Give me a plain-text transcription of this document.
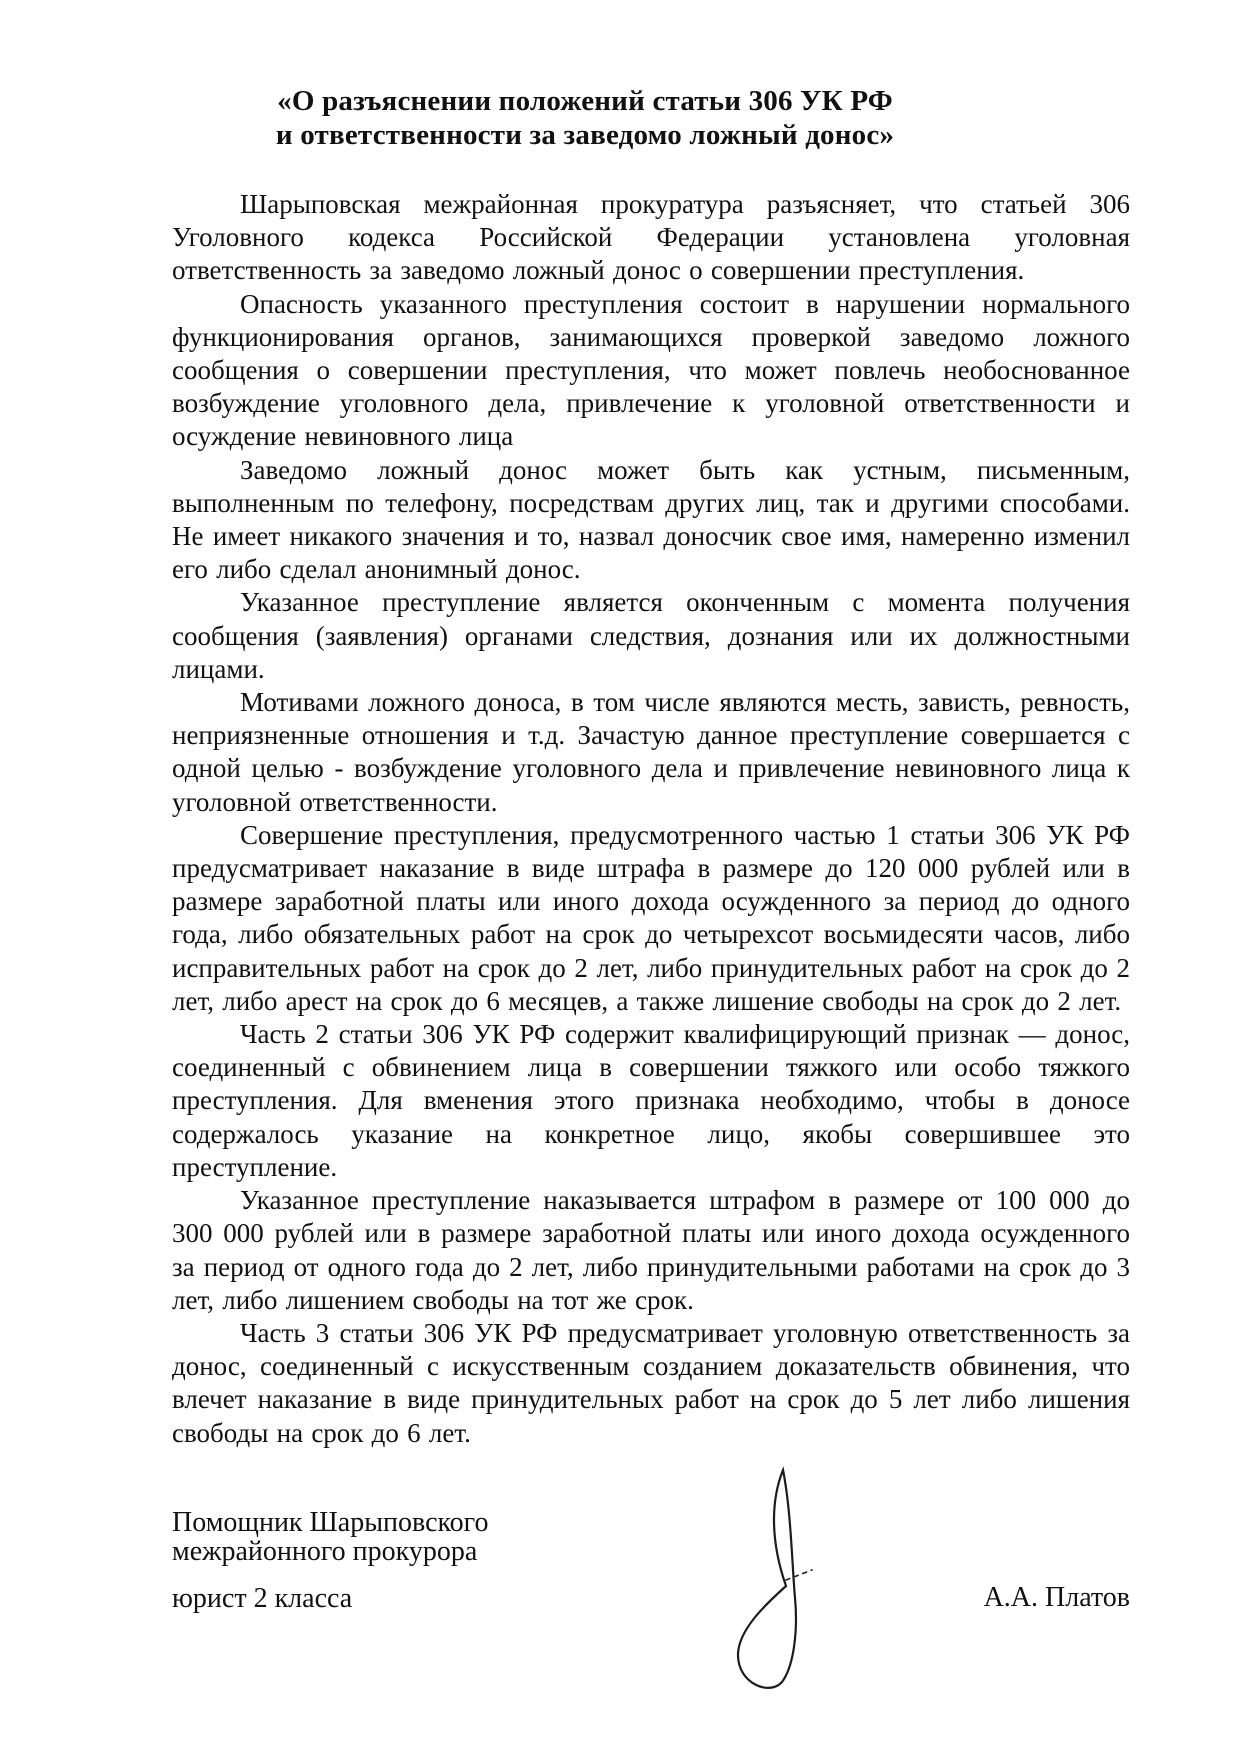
«О разъяснении положений статьи 306 УК РФ
и ответственности за заведомо ложный донос»

Шарыповская межрайонная прокуратура разъясняет, что статьей 306 Уголовного кодекса Российской Федерации установлена уголовная ответственность за заведомо ложный донос о совершении преступления.

Опасность указанного преступления состоит в нарушении нормального функционирования органов, занимающихся проверкой заведомо ложного сообщения о совершении преступления, что может повлечь необоснованное возбуждение уголовного дела, привлечение к уголовной ответственности и осуждение невиновного лица

Заведомо ложный донос может быть как устным, письменным, выполненным по телефону, посредствам других лиц, так и другими способами. Не имеет никакого значения и то, назвал доносчик свое имя, намеренно изменил его либо сделал анонимный донос.

Указанное преступление является оконченным с момента получения сообщения (заявления) органами следствия, дознания или их должностными лицами.

Мотивами ложного доноса, в том числе являются месть, зависть, ревность, неприязненные отношения и т.д. Зачастую данное преступление совершается с одной целью - возбуждение уголовного дела и привлечение невиновного лица к уголовной ответственности.

Совершение преступления, предусмотренного частью 1 статьи 306 УК РФ предусматривает наказание в виде штрафа в размере до 120 000 рублей или в размере заработной платы или иного дохода осужденного за период до одного года, либо обязательных работ на срок до четырехсот восьмидесяти часов, либо исправительных работ на срок до 2 лет, либо принудительных работ на срок до 2 лет, либо арест на срок до 6 месяцев, а также лишение свободы на срок до 2 лет.

Часть 2 статьи 306 УК РФ содержит квалифицирующий признак — донос, соединенный с обвинением лица в совершении тяжкого или особо тяжкого преступления. Для вменения этого признака необходимо, чтобы в доносе содержалось указание на конкретное лицо, якобы совершившее это преступление.

Указанное преступление наказывается штрафом в размере от 100 000 до 300 000 рублей или в размере заработной платы или иного дохода осужденного за период от одного года до 2 лет, либо принудительными работами на срок до 3 лет, либо лишением свободы на тот же срок.

Часть 3 статьи 306 УК РФ предусматривает уголовную ответственность за донос, соединенный с искусственным созданием доказательств обвинения, что влечет наказание в виде принудительных работ на срок до 5 лет либо лишения свободы на срок до 6 лет.

Помощник Шарыповского
межрайонного прокурора
юрист 2 класса	А.А. Платов
